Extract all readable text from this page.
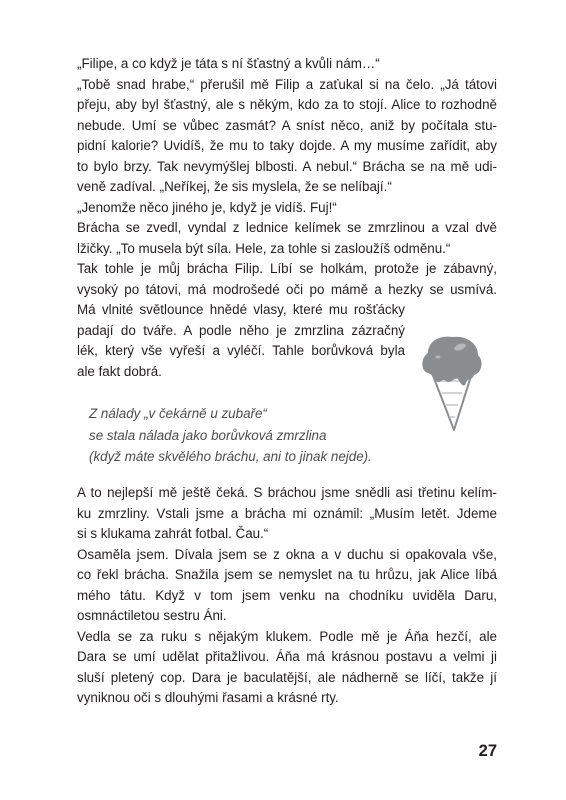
„Filipe, a co když je táta s ní šťastný a kvůli nám…“
„Tobě snad hrabe,“ přerušil mě Filip a zaťukal si na čelo. „Já tátovi
přeju, aby byl šťastný, ale s někým, kdo za to stojí. Alice to rozhodně
nebude. Umí se vůbec zasmát? A sníst něco, aniž by počítala stu-
pidní kalorie? Uvidíš, že mu to taky dojde. A my musíme zařídit, aby
to bylo brzy. Tak nevymýšlej blbosti. A nebul.“ Brácha se na mě udi-
veně zadíval. „Neříkej, že sis myslela, že se nelíbají.“
„Jenomže něco jiného je, když je vidíš. Fuj!“
Brácha se zvedl, vyndal z lednice kelímek se zmrzlinou a vzal dvě
lžičky. „To musela být síla. Hele, za tohle si zasloužíš odměnu.“
Tak tohle je můj brácha Filip. Líbí se holkám, protože je zábavný,
vysoký po tátovi, má modrošedé oči po mámě a hezky se usmívá.
Má vlnité světlounce hnědé vlasy, které mu rošťácky
padají do tváře. A podle něho je zmrzlina zázračný
lék, který vše vyřeší a vyléčí. Tahle borůvková byla
ale fakt dobrá.
Z nálady „v čekárně u zubaře“
se stala nálada jako borůvková zmrzlina
(když máte skvělého bráchu, ani to jinak nejde).
A to nejlepší mě ještě čeká. S bráchou jsme snědli asi třetinu kelím-
ku zmrzliny. Vstali jsme a brácha mi oznámil: „Musím letět. Jdeme
si s klukama zahrát fotbal. Čau.“
Osaměla jsem. Dívala jsem se z okna a v duchu si opakovala vše,
co řekl brácha. Snažila jsem se nemyslet na tu hrůzu, jak Alice líbá
mého tátu. Když v tom jsem venku na chodníku uviděla Daru,
osmnáctiletou sestru Áni.
Vedla se za ruku s nějakým klukem. Podle mě je Áňa hezčí, ale
Dara se umí udělat přitažlivou. Áňa má krásnou postavu a velmi ji
sluší pletený cop. Dara je baculatější, ale nádherně se líčí, takže jí
vyniknou oči s dlouhými řasami a krásné rty.
27
